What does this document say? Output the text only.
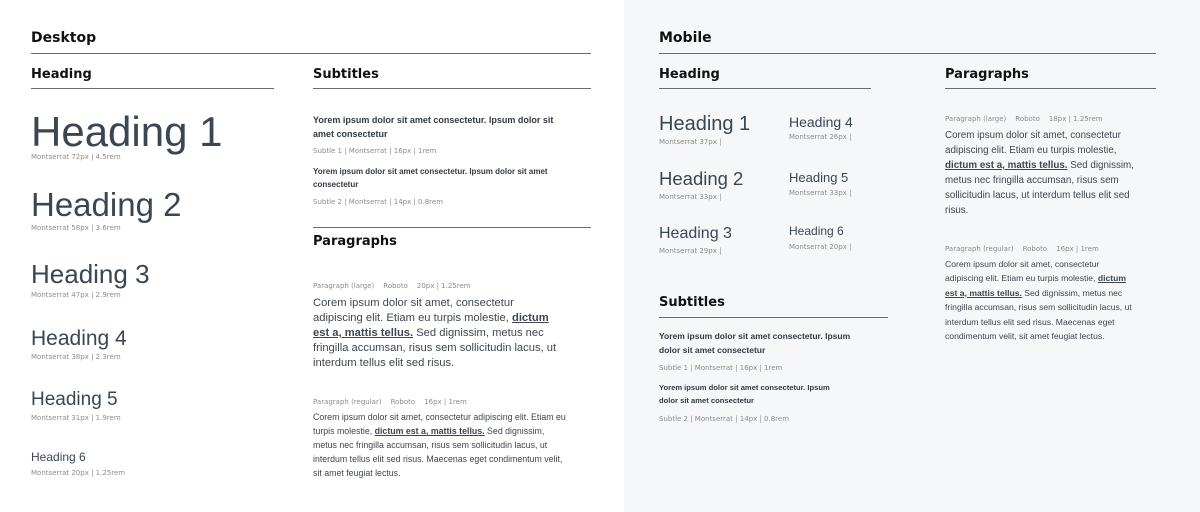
Desktop
Heading
Heading 1
Montserrat 72px | 4.5rem
Heading 2
Montserrat 58px | 3.6rem
Heading 3
Montserrat 47px | 2.9rem
Heading 4
Montserrat 38px | 2.3rem
Heading 5
Montserrat 31px | 1.9rem
Heading 6
Montserrat 20px | 1.25rem
Subtitles
Yorem ipsum dolor sit amet consectetur. Ipsum dolor sit amet consectetur
Subtle 1 | Montserrat | 16px | 1rem
Yorem ipsum dolor sit amet consectetur. Ipsum dolor sit amet consectetur
Subtle 2 | Montserrat | 14px | 0.8rem
Paragraphs
Paragraph (large) Roboto 20px | 1.25rem
Corem ipsum dolor sit amet, consectetur adipiscing elit. Etiam eu turpis molestie, dictum est a, mattis tellus. Sed dignissim, metus nec fringilla accumsan, risus sem sollicitudin lacus, ut interdum tellus elit sed risus.
Paragraph (regular) Roboto 16px | 1rem
Corem ipsum dolor sit amet, consectetur adipiscing elit. Etiam eu turpis molestie, dictum est a, mattis tellus. Sed dignissim, metus nec fringilla accumsan, risus sem sollicitudin lacus, ut interdum tellus elit sed risus. Maecenas eget condimentum velit, sit amet feugiat lectus.
Mobile
Heading
Heading 1
Montserrat 37px |
Heading 2
Montserrat 33px |
Heading 3
Montserrat 29px |
Heading 4
Montserrat 26px |
Heading 5
Montserrat 33px |
Heading 6
Montserrat 20px |
Subtitles
Yorem ipsum dolor sit amet consectetur. Ipsum dolor sit amet consectetur
Subtle 1 | Montserrat | 16px | 1rem
Yorem ipsum dolor sit amet consectetur. Ipsum dolor sit amet consectetur
Subtle 2 | Montserrat | 14px | 0.8rem
Paragraphs
Paragraph (large) Roboto 18px | 1.25rem
Corem ipsum dolor sit amet, consectetur adipiscing elit. Etiam eu turpis molestie, dictum est a, mattis tellus. Sed dignissim, metus nec fringilla accumsan, risus sem sollicitudin lacus, ut interdum tellus elit sed risus.
Paragraph (regular) Roboto 16px | 1rem
Corem ipsum dolor sit amet, consectetur adipiscing elit. Etiam eu turpis molestie, dictum est a, mattis tellus. Sed dignissim, metus nec fringilla accumsan, risus sem sollicitudin lacus, ut interdum tellus elit sed risus. Maecenas eget condimentum velit, sit amet feugiat lectus.
